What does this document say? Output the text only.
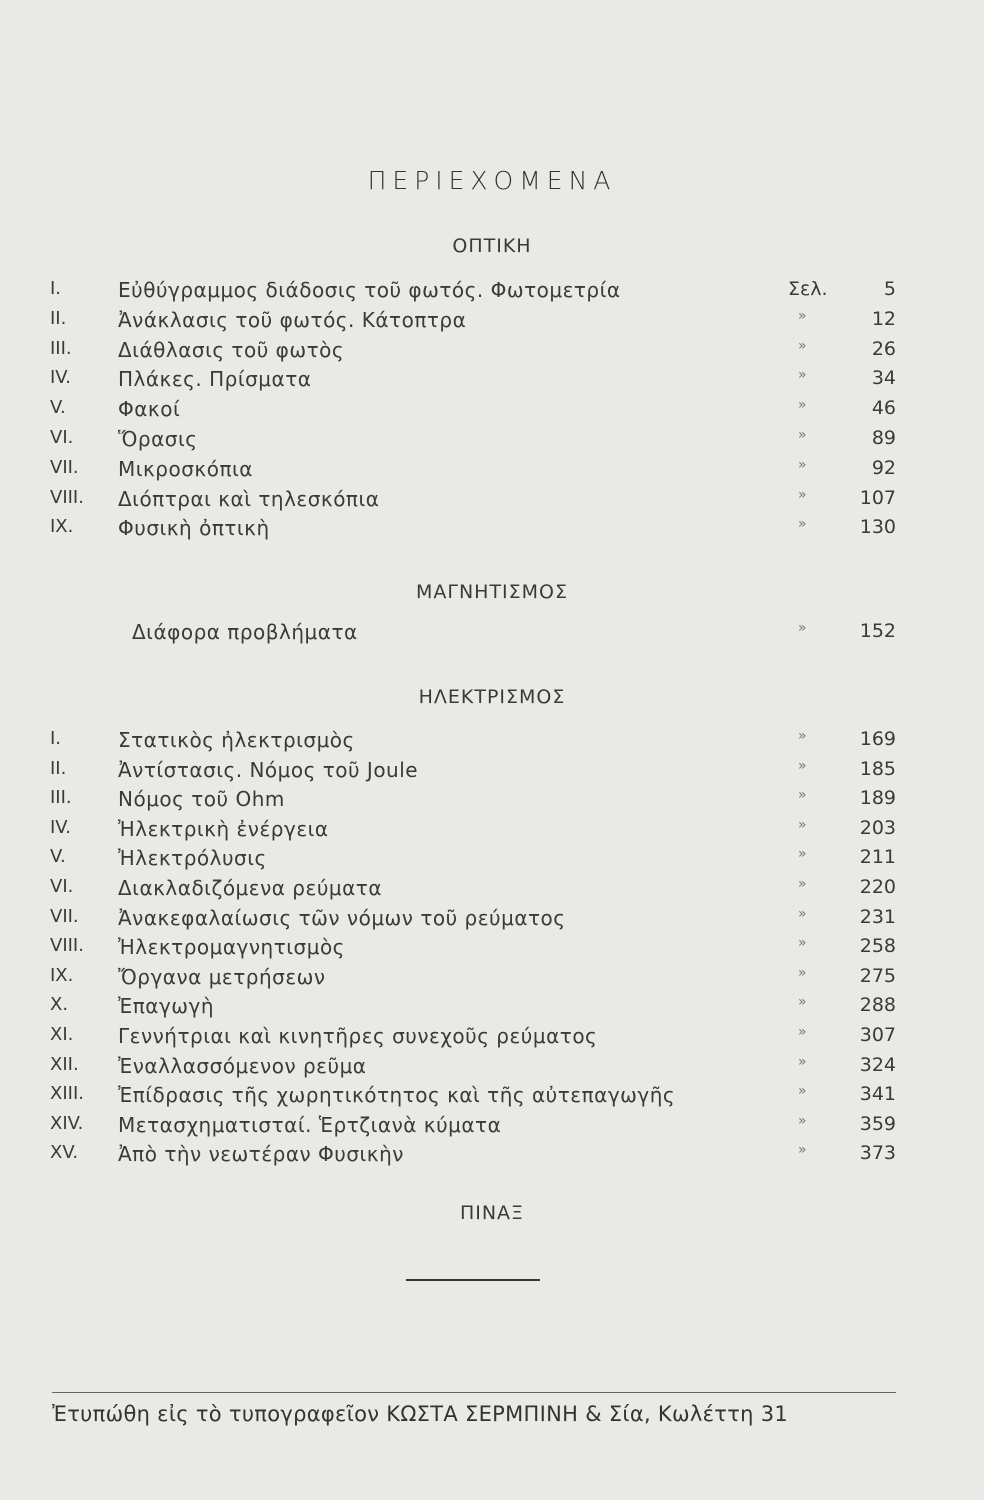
ΠΕΡΙΕΧΟΜΕΝΑ
ΟΠΤΙΚΗ
I.	Εὐθύγραμμος διάδοσις τοῦ φωτός. Φωτομετρία	Σελ.	5
II.	Ἀνάκλασις τοῦ φωτός. Κάτοπτρα	»	12
III. Διάθλασις τοῦ φωτὸς	»	26
IV. Πλάκες. Πρίσματα	»	34
V.	Φακοί	»	46
VI. Ὅρασις	»	89
VII. Μικροσκόπια	»	92
VIII. Διόπτραι καὶ τηλεσκόπια	»	107
IX. Φυσικὴ ὀπτικὴ	»	130
ΜΑΓΝΗΤΙΣΜΟΣ
Διάφορα προβλήματα	»	152
ΗΛΕΚΤΡΙΣΜΟΣ
I.	Στατικὸς ἠλεκτρισμὸς	»	169
II.	Ἀντίστασις. Νόμος τοῦ Joule	»	185
III. Νόμος τοῦ Ohm	»	189
IV. Ἠλεκτρικὴ ἐνέργεια	»	203
V.	Ἠλεκτρόλυσις	»	211
VI. Διακλαδιζόμενα ρεύματα	»	220
VII. Ἀνακεφαλαίωσις τῶν νόμων τοῦ ρεύματος	»	231
VIII. Ἠλεκτρομαγνητισμὸς	»	258
IX. Ὄργανα μετρήσεων	»	275
X. Ἐπαγωγὴ	»	288
XI. Γεννήτριαι καὶ κινητῆρες συνεχοῦς ρεύματος	»	307
XII. Ἐναλλασσόμενον ρεῦμα	»	324
XIII. Ἐπίδρασις τῆς χωρητικότητος καὶ τῆς αὐτεπαγωγῆς	»	341
XIV. Μετασχηματισταί. Ἑρτζιανὰ κύματα	»	359
XV. Ἀπὸ τὴν νεωτέραν Φυσικὴν	»	373
ΠΙΝΑΞ
Ἐτυπώθη εἰς τὸ τυπογραφεῖον ΚΩΣΤΑ ΣΕΡΜΠΙΝΗ & Σία, Κωλέττη 31
